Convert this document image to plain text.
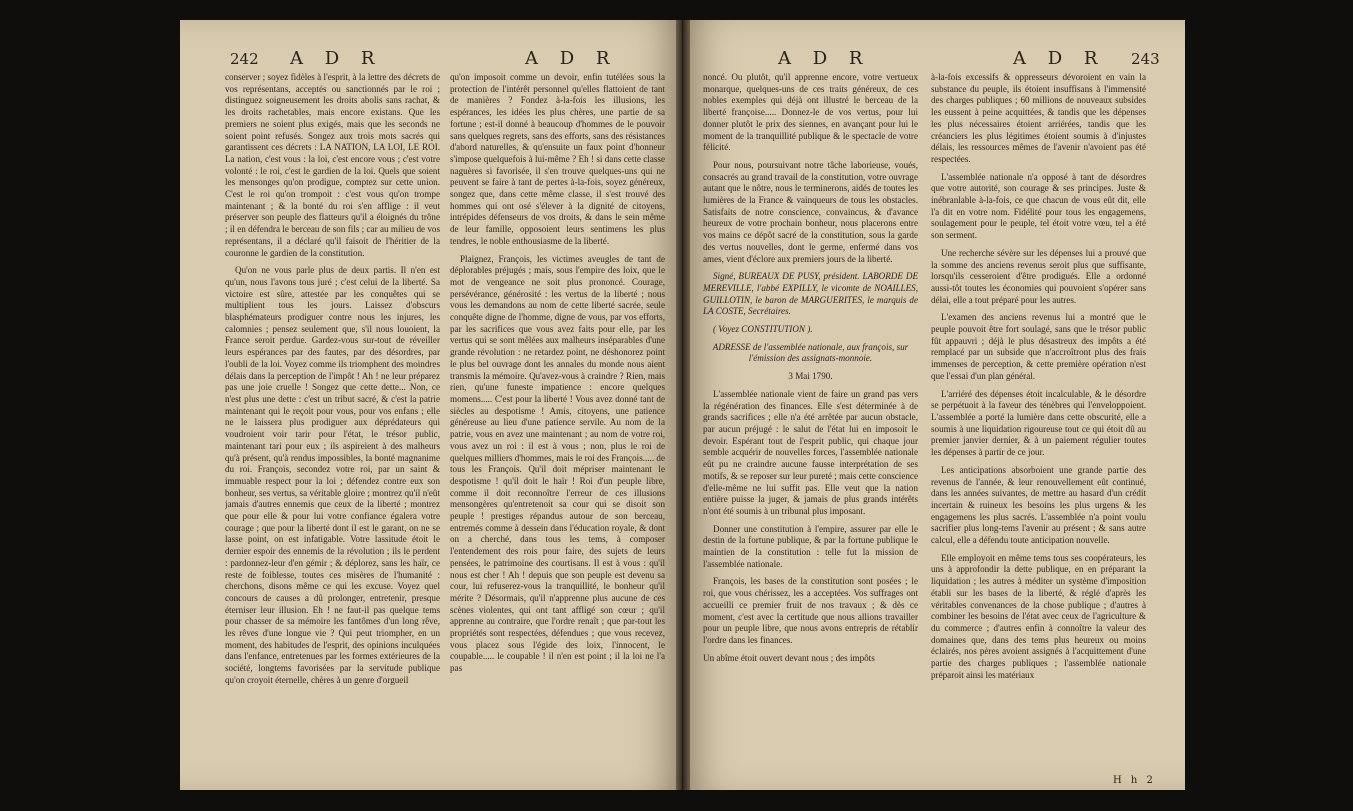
242 A D R	A D R

conserver ; soyez fidèles à l'esprit, à la lettre des décrets de vos représentans, acceptés ou sanctionnés par le roi ; distinguez soigneusement les droits abolis sans rachat, & les droits rachetables, mais encore existans. Que les premiers ne soient plus exigés, mais que les seconds ne soient point refusés. Songez aux trois mots sacrés qui garantissent ces décrets : LA NATION, LA LOI, LE ROI. La nation, c'est vous : la loi, c'est encore vous ; c'est votre volonté : le roi, c'est le gardien de la loi. Quels que soient les mensonges qu'on prodigue, comptez sur cette union. C'est le roi qu'on trompoit : c'est vous qu'on trompe maintenant ; & la bonté du roi s'en afflige : il veut préserver son peuple des flatteurs qu'il a éloignés du trône ; il en défendra le berceau de son fils ; car au milieu de vos représentans, il a déclaré qu'il faisoit de l'héritier de la couronne le gardien de la constitution.

Qu'on ne vous parle plus de deux partis. Il n'en est qu'un, nous l'avons tous juré ; c'est celui de la liberté. Sa victoire est sûre, attestée par les conquêtes qui se multiplient tous les jours. Laissez d'obscurs blasphémateurs prodiguer contre nous les injures, les calomnies ; pensez seulement que, s'il nous louoient, la France seroit perdue. Gardez-vous sur-tout de réveiller leurs espérances par des fautes, par des désordres, par l'oubli de la loi. Voyez comme ils triomphent des moindres délais dans la perception de l'impôt ! Ah ! ne leur préparez pas une joie cruelle ! Songez que cette dette... Non, ce n'est plus une dette : c'est un tribut sacré, & c'est la patrie maintenant qui le reçoit pour vous, pour vos enfans ; elle ne le laissera plus prodiguer aux déprédateurs qui voudroient voir tarir pour l'état, le trésor public, maintenant tari pour eux ; ils aspireient à des malheurs qu'à présent, qu'à rendus impossibles, la bonté magnanime du roi. François, secondez votre roi, par un saint & immuable respect pour la loi ; défendez contre eux son bonheur, ses vertus, sa véritable gloire ; montrez qu'il n'eût jamais d'autres ennemis que ceux de la liberté ; montrez que pour elle & pour lui votre confiance égalera votre courage ; que pour la liberté dont il est le garant, on ne se lasse point, on est infatigable. Votre lassitude étoit le dernier espoir des ennemis de la révolution ; ils le perdent : pardonnez-leur d'en gémir ; & déplorez, sans les haïr, ce reste de foiblesse, toutes ces misères de l'humanité : cherchons, disons même ce qui les excuse. Voyez quel concours de causes a dû prolonger, entretenir, presque éterniser leur illusion. Eh ! ne faut-il pas quelque tems pour chasser de sa mémoire les fantômes d'un long rêve, les rêves d'une longue vie ? Qui peut triompher, en un moment, des habitudes de l'esprit, des opinions inculquées dans l'enfance, entretenues par les formes extérieures de la société, longtems favorisées par la servitude publique qu'on croyoit éternelle, chères à un genre d'orgueil

qu'on imposoit comme un devoir, enfin tutélées sous la protection de l'intérêt personnel qu'elles flattoient de tant de manières ? Fondez à-la-fois les illusions, les espérances, les idées les plus chères, une partie de sa fortune ; est-il donné à beaucoup d'hommes de le pouvoir sans quelques regrets, sans des efforts, sans des résistances d'abord naturelles, & qu'ensuite un faux point d'honneur s'impose quelquefois à lui-même ? Eh ! si dans cette classe naguères si favorisée, il s'en trouve quelques-uns qui ne peuvent se faire à tant de pertes à-la-fois, soyez généreux, songez que, dans cette même classe, il s'est trouvé des hommes qui ont osé s'élever à la dignité de citoyens, intrépides défenseurs de vos droits, & dans le sein même de leur famille, opposoient leurs sentimens les plus tendres, le noble enthousiasme de la liberté.

Plaignez, François, les victimes aveugles de tant de déplorables préjugés ; mais, sous l'empire des loix, que le mot de vengeance ne soit plus prononcé. Courage, persévérance, générosité : les vertus de la liberté ; nous vous les demandons au nom de cette liberté sacrée, seule conquête digne de l'homme, digne de vous, par vos efforts, par les sacrifices que vous avez faits pour elle, par les vertus qui se sont mêlées aux malheurs inséparables d'une grande révolution : ne retardez point, ne déshonorez point le plus bel ouvrage dont les annales du monde nous aient transmis la mémoire. Qu'avez-vous à craindre ? Rien, mais rien, qu'une funeste impatience : encore quelques momens..... C'est pour la liberté ! Vous avez donné tant de siècles au despotisme ! Amis, citoyens, une patience généreuse au lieu d'une patience servile. Au nom de la patrie, vous en avez une maintenant ; au nom de votre roi, vous avez un roi : il est à vous ; non, plus le roi de quelques milliers d'hommes, mais le roi des François..... de tous les François. Qu'il doit mépriser maintenant le despotisme ! qu'il doit le haïr ! Roi d'un peuple libre, comme il doit reconnoître l'erreur de ces illusions mensongères qu'entretenoit sa cour qui se disoit son peuple ! prestiges répandus autour de son berceau, entremés comme à dessein dans l'éducation royale, & dont on a cherché, dans tous les tems, à composer l'entendement des rois pour faire, des sujets de leurs pensées, le patrimoine des courtisans. Il est à vous : qu'il nous est cher ! Ah ! depuis que son peuple est devenu sa cour, lui refuserez-vous la tranquillité, le bonheur qu'il mérite ? Désormais, qu'il n'apprenne plus aucune de ces scènes violentes, qui ont tant affligé son cœur ; qu'il apprenne au contraire, que l'ordre renaît ; que par-tout les propriétés sont respectées, défendues ; que vous recevez, vous placez sous l'égide des loix, l'innocent, le coupable..... le coupable ! il n'en est point ; il la loi ne l'a pas

A D R	A D R 243

noncé. Ou plutôt, qu'il apprenne encore, votre vertueux monarque, quelques-uns de ces traits généreux, de ces nobles exemples qui déjà ont illustré le berceau de la liberté françoise..... Donnez-le de vos vertus, pour lui donner plutôt le prix des siennes, en avançant pour lui le moment de la tranquillité publique & le spectacle de votre félicité.

Pour nous, poursuivant notre tâche laborieuse, voués, consacrés au grand travail de la constitution, votre ouvrage autant que le nôtre, nous le terminerons, aidés de toutes les lumières de la France & vainqueurs de tous les obstacles. Satisfaits de notre conscience, convaincus, & d'avance heureux de votre prochain bonheur, nous placerons entre vos mains ce dépôt sacré de la constitution, sous la garde des vertus nouvelles, dont le germe, enfermé dans vos ames, vient d'éclore aux premiers jours de la liberté.

Signé, BUREAUX DE PUSY, président. LABORDE DE MEREVILLE, l'abbé EXPILLY, le vicomte de NOAILLES, GUILLOTIN, le baron de MARGUERITES, le marquis de LA COSTE, Secrétaires.

( Voyez CONSTITUTION ).

ADRESSE de l'assemblée nationale, aux françois, sur l'émission des assignats-monnoie.

3 Mai 1790.

L'assemblée nationale vient de faire un grand pas vers la régénération des finances. Elle s'est déterminée à de grands sacrifices ; elle n'a été arrêtée par aucun obstacle, par aucun préjugé : le salut de l'état lui en imposoit le devoir. Espérant tout de l'esprit public, qui chaque jour semble acquérir de nouvelles forces, l'assemblée nationale eût pu ne craindre aucune fausse interprétation de ses motifs, & se reposer sur leur pureté ; mais cette conscience d'elle-même ne lui suffit pas. Elle veut que la nation entière puisse la juger, & jamais de plus grands intérêts n'ont été soumis à un tribunal plus imposant.

Donner une constitution à l'empire, assurer par elle le destin de la fortune publique, & par la fortune publique le maintien de la constitution : telle fut la mission de l'assemblée nationale.

François, les bases de la constitution sont posées ; le roi, que vous chérissez, les a acceptées. Vos suffrages ont accueilli ce premier fruit de nos travaux ; & dès ce moment, c'est avec la certitude que nous allions travailler pour un peuple libre, que nous avons entrepris de rétablir l'ordre dans les finances.

Un abîme étoit ouvert devant nous ; des impôts

à-la-fois excessifs & oppresseurs dévoroient en vain la substance du peuple, ils étoient insuffisans à l'immensité des charges publiques ; 60 millions de nouveaux subsides les eussent à peine acquittées, & tandis que les dépenses les plus nécessaires étoient arriérées, tandis que les créanciers les plus légitimes étoient soumis à d'injustes délais, les ressources mêmes de l'avenir n'avoient pas été respectées.

L'assemblée nationale n'a opposé à tant de désordres que votre autorité, son courage & ses principes. Juste & inébranlable à-la-fois, ce que chacun de vous eût dit, elle l'a dit en votre nom. Fidélité pour tous les engagemens, soulagement pour le peuple, tel étoit votre vœu, tel a été son serment.

Une recherche sévère sur les dépenses lui a prouvé que la somme des anciens revenus seroit plus que suffisante, lorsqu'ils cesseroient d'être prodigués. Elle a ordonné aussi-tôt toutes les économies qui pouvoient s'opérer sans délai, elle a tout préparé pour les autres.

L'examen des anciens revenus lui a montré que le peuple pouvoit être fort soulagé, sans que le trésor public fût appauvri ; déjà le plus désastreux des impôts a été remplacé par un subside que n'accroîtront plus des frais immenses de perception, & cette première opération n'est que l'essai d'un plan général.

L'arriéré des dépenses étoit incalculable, & le désordre se perpétuoit à la faveur des ténèbres qui l'enveloppoient. L'assemblée a porté la lumière dans cette obscurité, elle a soumis à une liquidation rigoureuse tout ce qui étoit dû au premier janvier dernier, & à un paiement régulier toutes les dépenses à partir de ce jour.

Les anticipations absorboient une grande partie des revenus de l'année, & leur renouvellement eût continué, dans les années suivantes, de mettre au hasard d'un crédit incertain & ruineux les besoins les plus urgens & les engagemens les plus sacrés. L'assemblée n'a point voulu sacrifier plus long-tems l'avenir au présent ; & sans autre calcul, elle a défendu toute anticipation nouvelle.

Elle employoit en même tems tous ses coopérateurs, les uns à approfondir la dette publique, en en préparant la liquidation ; les autres à méditer un système d'imposition établi sur les bases de la liberté, & réglé d'après les véritables convenances de la chose publique ; d'autres à combiner les besoins de l'état avec ceux de l'agriculture & du commerce ; d'autres enfin à connoître la valeur des domaines que, dans des tems plus heureux ou moins éclairés, nos pères avoient assignés à l'acquittement d'une partie des charges publiques ; l'assemblée nationale préparoit ainsi les matériaux

H h 2
